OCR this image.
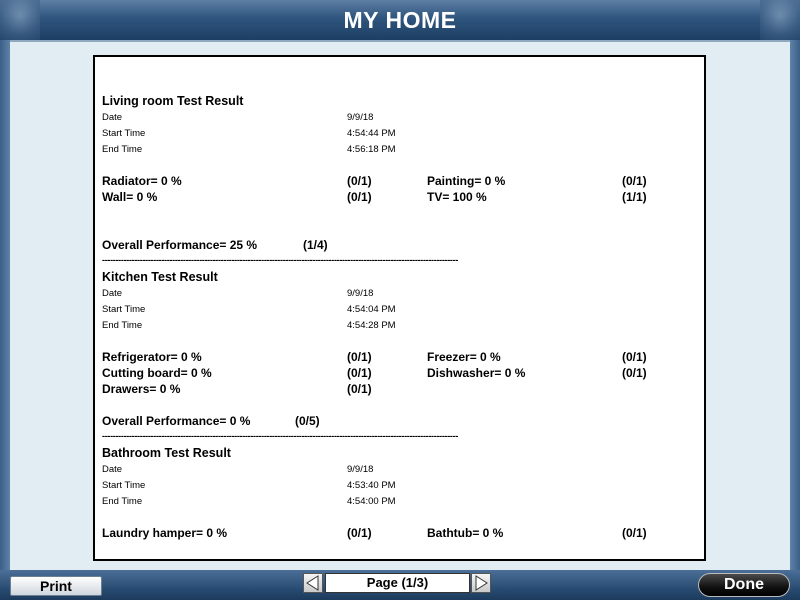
MY HOME
Living room Test Result
Date	9/9/18
Start Time	4:54:44 PM
End Time	4:56:18 PM
Radiator= 0 %	(0/1)	Painting= 0 %	(0/1)
Wall= 0 %	(0/1)	TV= 100 %	(1/1)
Overall Performance= 25 %	(1/4)
------------------------------------------------------------------------------------------------------------------------------------
Kitchen Test Result
Date	9/9/18
Start Time	4:54:04 PM
End Time	4:54:28 PM
Refrigerator= 0 %	(0/1)	Freezer= 0 %	(0/1)
Cutting board= 0 %	(0/1)	Dishwasher= 0 %	(0/1)
Drawers= 0 %	(0/1)
Overall Performance= 0 %	(0/5)
------------------------------------------------------------------------------------------------------------------------------------
Bathroom Test Result
Date	9/9/18
Start Time	4:53:40 PM
End Time	4:54:00 PM
Laundry hamper= 0 %	(0/1)	Bathtub= 0 %	(0/1)
Print	Page (1/3)	Done
